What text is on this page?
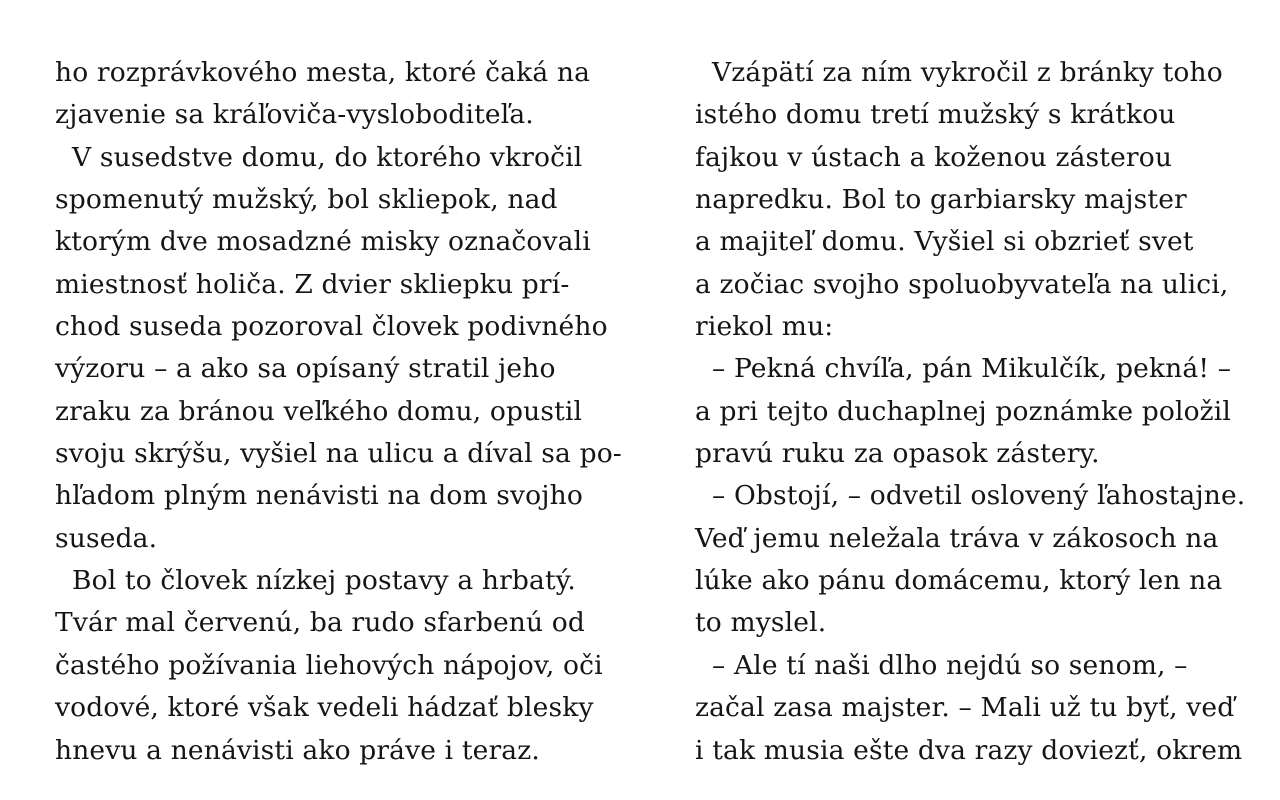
ho rozprávkového mesta, ktoré čaká na
zjavenie sa kráľoviča-vysloboditeľa.
V susedstve domu, do ktorého vkročil
spomenutý mužský, bol skliepok, nad
ktorým dve mosadzné misky označovali
miestnosť holiča. Z dvier skliepku prí-
chod suseda pozoroval človek podivného
výzoru – a ako sa opísaný stratil jeho
zraku za bránou veľkého domu, opustil
svoju skrýšu, vyšiel na ulicu a díval sa po-
hľadom plným nenávisti na dom svojho
suseda.
Bol to človek nízkej postavy a hrbatý.
Tvár mal červenú, ba rudo sfarbenú od
častého požívania liehových nápojov, oči
vodové, ktoré však vedeli hádzať blesky
hnevu a nenávisti ako práve i teraz.
Vzápätí za ním vykročil z bránky toho
istého domu tretí mužský s krátkou
fajkou v ústach a koženou zásterou
napredku. Bol to garbiarsky majster
a majiteľ domu. Vyšiel si obzrieť svet
a zočiac svojho spoluobyvateľa na ulici,
riekol mu:
– Pekná chvíľa, pán Mikulčík, pekná! –
a pri tejto duchaplnej poznámke položil
pravú ruku za opasok zástery.
– Obstojí, – odvetil oslovený ľahostajne.
Veď jemu neležala tráva v zákosoch na
lúke ako pánu domácemu, ktorý len na
to myslel.
– Ale tí naši dlho nejdú so senom, –
začal zasa majster. – Mali už tu byť, veď
i tak musia ešte dva razy doviezť, okrem
